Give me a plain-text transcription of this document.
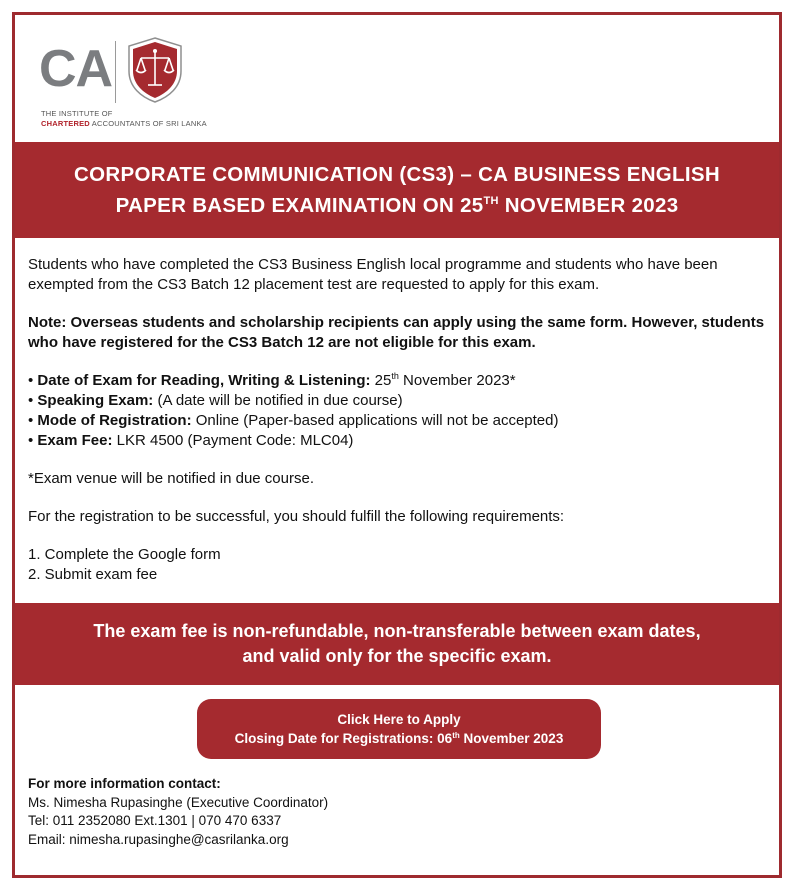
CA
THE INSTITUTE OF
CHARTERED ACCOUNTANTS OF SRI LANKA
CORPORATE COMMUNICATION (CS3) – CA BUSINESS ENGLISH
PAPER BASED EXAMINATION ON 25TH NOVEMBER 2023

Students who have completed the CS3 Business English local programme and students who have been exempted from the CS3 Batch 12 placement test are requested to apply for this exam.

Note: Overseas students and scholarship recipients can apply using the same form. However, students who have registered for the CS3 Batch 12 are not eligible for this exam.

• Date of Exam for Reading, Writing & Listening: 25th November 2023*
• Speaking Exam: (A date will be notified in due course)
• Mode of Registration: Online (Paper-based applications will not be accepted)
• Exam Fee: LKR 4500 (Payment Code: MLC04)

*Exam venue will be notified in due course.

For the registration to be successful, you should fulfill the following requirements:

1. Complete the Google form
2. Submit exam fee
The exam fee is non-refundable, non-transferable between exam dates,
and valid only for the specific exam.
Click Here to Apply
Closing Date for Registrations: 06th November 2023
For more information contact:
Ms. Nimesha Rupasinghe (Executive Coordinator)
Tel: 011 2352080 Ext.1301 | 070 470 6337
Email: nimesha.rupasinghe@casrilanka.org
